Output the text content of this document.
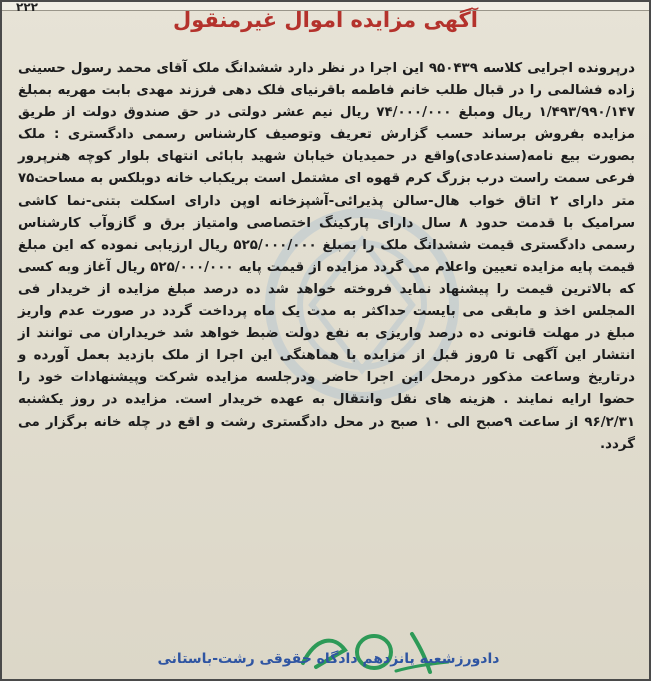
۲۲۲
آگهی مزایده اموال غیرمنقول

درپرونده اجرایی کلاسه ۹۵۰۴۳۹ این اجرا در نظر دارد ششدانگ ملک آقای محمد رسول حسینی زاده فشالمی را در قبال طلب خانم فاطمه باقرنیای فلک دهی فرزند مهدی بابت مهریه بمبلغ ۱/۴۹۳/۹۹۰/۱۴۷ ریال ومبلغ ۷۴/۰۰۰/۰۰۰ ریال نیم عشر دولتی در حق صندوق دولت از طریق مزایده بفروش برساند حسب گزارش تعریف وتوصیف کارشناس رسمی دادگستری : ملک بصورت بیع نامه(سندعادی)واقع در حمیدیان خیابان شهید بابائی انتهای بلوار کوچه هنرپرور فرعی سمت راست درب بزرگ کرم قهوه ای مشتمل است بریکباب خانه دوبلکس به مساحت۷۵ متر دارای ۲ اتاق خواب هال-سالن پذیرائی-آشپزخانه اوپن دارای اسکلت بتنی-نما کاشی سرامیک با قدمت حدود ۸ سال دارای پارکینگ اختصاصی وامتیاز برق و گازوآب کارشناس رسمی دادگستری قیمت ششدانگ ملک را بمبلغ ۵۲۵/۰۰۰/۰۰۰ ریال ارزیابی نموده که این مبلغ قیمت پایه مزایده تعیین واعلام می گردد مزایده از قیمت پایه ۵۲۵/۰۰۰/۰۰۰ ریال آغاز وبه کسی که بالاترین قیمت را پیشنهاد نماید فروخته خواهد شد ده درصد مبلغ مزایده از خریدار فی المجلس اخذ و مابقی می بایست حداکثر به مدت یک ماه پرداخت گردد در صورت عدم واریز مبلغ در مهلت قانونی ده درصد واریزی به نفع دولت ضبط خواهد شد خریداران می توانند از انتشار این آگهی تا ۵روز قبل از مزایده با هماهنگی این اجرا از ملک بازدید بعمل آورده و درتاریخ وساعت مذکور درمحل این اجرا حاضر ودرجلسه مزایده شرکت وپیشنهادات خود را حضوا ارایه نمایند . هزینه های نقل وانتقال به عهده خریدار است. مزایده در روز یکشنبه ۹۶/۲/۳۱ از ساعت ۹صبح الی ۱۰ صبح در محل دادگستری رشت و اقع در چله خانه برگزار می گردد.

دادورزشعبه پانزدهم دادگاه حقوقی رشت-باستانی
